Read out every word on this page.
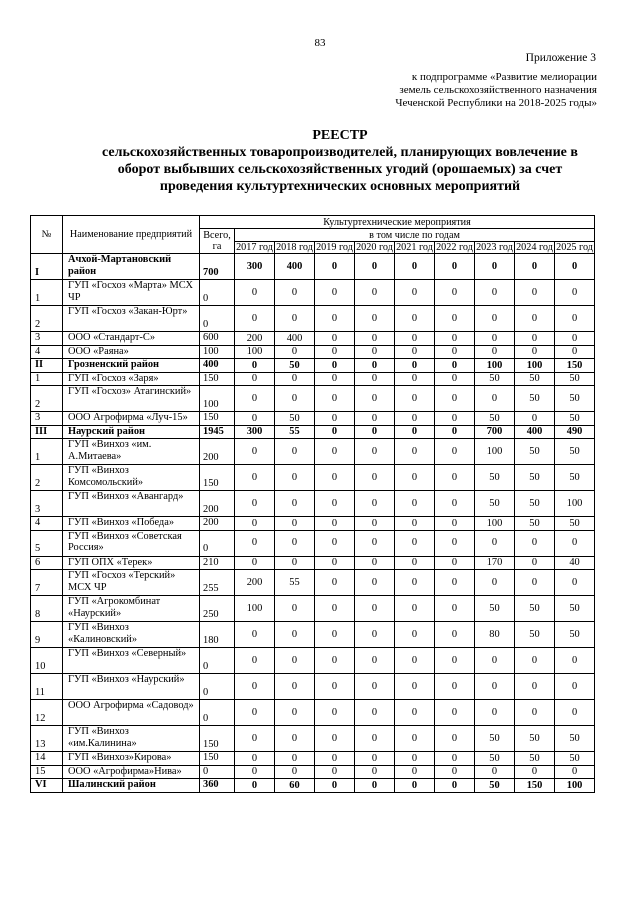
83
Приложение 3
к подпрограмме «Развитие мелиорации
земель сельскохозяйственного назначения
Чеченской Республики на 2018-2025 годы»
РЕЕСТР
сельскохозяйственных товаропроизводителей, планирующих вовлечение в
оборот выбывших сельскохозяйственных угодий (орошаемых) за счет
проведения культуртехнических основных мероприятий
№	Наименование предприятий	Культуртехнические мероприятия									
		Всего, га	в том числе по годам								
			2017 год	2018 год	2019 год	2020 год	2021 год	2022 год	2023 год	2024 год	2025 год
I	Ачхой-Мартановский район	700	300	400	0	0	0	0	0	0	0
1	ГУП «Госхоз «Марта» МСХ ЧР	0	0	0	0	0	0	0	0	0	0
2	ГУП «Госхоз «Закан-Юрт»	0	0	0	0	0	0	0	0	0	0
3	ООО «Стандарт-С»	600	200	400	0	0	0	0	0	0	0
4	ООО «Раяна»	100	100	0	0	0	0	0	0	0	0
II	Грозненский район	400	0	50	0	0	0	0	100	100	150
1	ГУП «Госхоз «Заря»	150	0	0	0	0	0	0	50	50	50
2	ГУП «Госхоз» Атагинский»	100	0	0	0	0	0	0	0	50	50
3	ООО Агрофирма «Луч-15»	150	0	50	0	0	0	0	50	0	50
III	Наурский район	1945	300	55	0	0	0	0	700	400	490
1	ГУП «Винхоз «им. А.Митаева»	200	0	0	0	0	0	0	100	50	50
2	ГУП «Винхоз Комсомольский»	150	0	0	0	0	0	0	50	50	50
3	ГУП «Винхоз «Авангард»	200	0	0	0	0	0	0	50	50	100
4	ГУП «Винхоз «Победа»	200	0	0	0	0	0	0	100	50	50
5	ГУП «Винхоз «Советская Россия»	0	0	0	0	0	0	0	0	0	0
6	ГУП ОПХ «Терек»	210	0	0	0	0	0	0	170	0	40
7	ГУП «Госхоз «Терский» МСХ ЧР	255	200	55	0	0	0	0	0	0	0
8	ГУП «Агрокомбинат «Наурский»	250	100	0	0	0	0	0	50	50	50
9	ГУП «Винхоз «Калиновский»	180	0	0	0	0	0	0	80	50	50
10	ГУП «Винхоз «Северный»	0	0	0	0	0	0	0	0	0	0
11	ГУП «Винхоз «Наурский»	0	0	0	0	0	0	0	0	0	0
12	ООО Агрофирма «Садовод»	0	0	0	0	0	0	0	0	0	0
13	ГУП «Винхоз «им.Калинина»	150	0	0	0	0	0	0	50	50	50
14	ГУП «Винхоз»Кирова»	150	0	0	0	0	0	0	50	50	50
15	ООО «Агрофирма»Нива»	0	0	0	0	0	0	0	0	0	0
VI	Шалинский район	360	0	60	0	0	0	0	50	150	100
